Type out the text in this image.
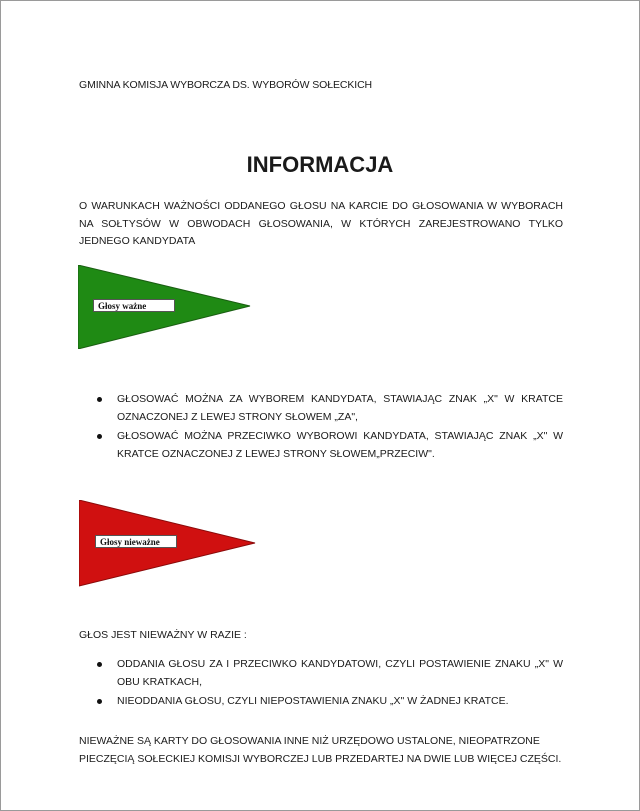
GMINNA KOMISJA WYBORCZA DS. WYBORÓW SOŁECKICH
INFORMACJA
O WARUNKACH WAŻNOŚCI ODDANEGO GŁOSU NA KARCIE DO GŁOSOWANIA W WYBORACH NA SOŁTYSÓW W OBWODACH GŁOSOWANIA, W KTÓRYCH ZAREJESTROWANO TYLKO JEDNEGO KANDYDATA
Głosy ważne
GŁOSOWAĆ MOŻNA ZA WYBOREM KANDYDATA, STAWIAJĄC ZNAK „X" W KRATCE OZNACZONEJ Z LEWEJ STRONY SŁOWEM „ZA",
GŁOSOWAĆ MOŻNA PRZECIWKO WYBOROWI KANDYDATA, STAWIAJĄC ZNAK „X" W KRATCE OZNACZONEJ Z LEWEJ STRONY SŁOWEM„PRZECIW".
Głosy nieważne
GŁOS JEST NIEWAŻNY W RAZIE :
ODDANIA GŁOSU ZA I PRZECIWKO KANDYDATOWI, CZYLI POSTAWIENIE ZNAKU „X" W OBU KRATKACH,
NIEODDANIA GŁOSU, CZYLI NIEPOSTAWIENIA ZNAKU „X" W ŻADNEJ KRATCE.
NIEWAŻNE SĄ KARTY DO GŁOSOWANIA INNE NIŻ URZĘDOWO USTALONE, NIEOPATRZONE PIECZĘCIĄ SOŁECKIEJ KOMISJI WYBORCZEJ LUB PRZEDARTEJ NA DWIE LUB WIĘCEJ CZĘŚCI.
